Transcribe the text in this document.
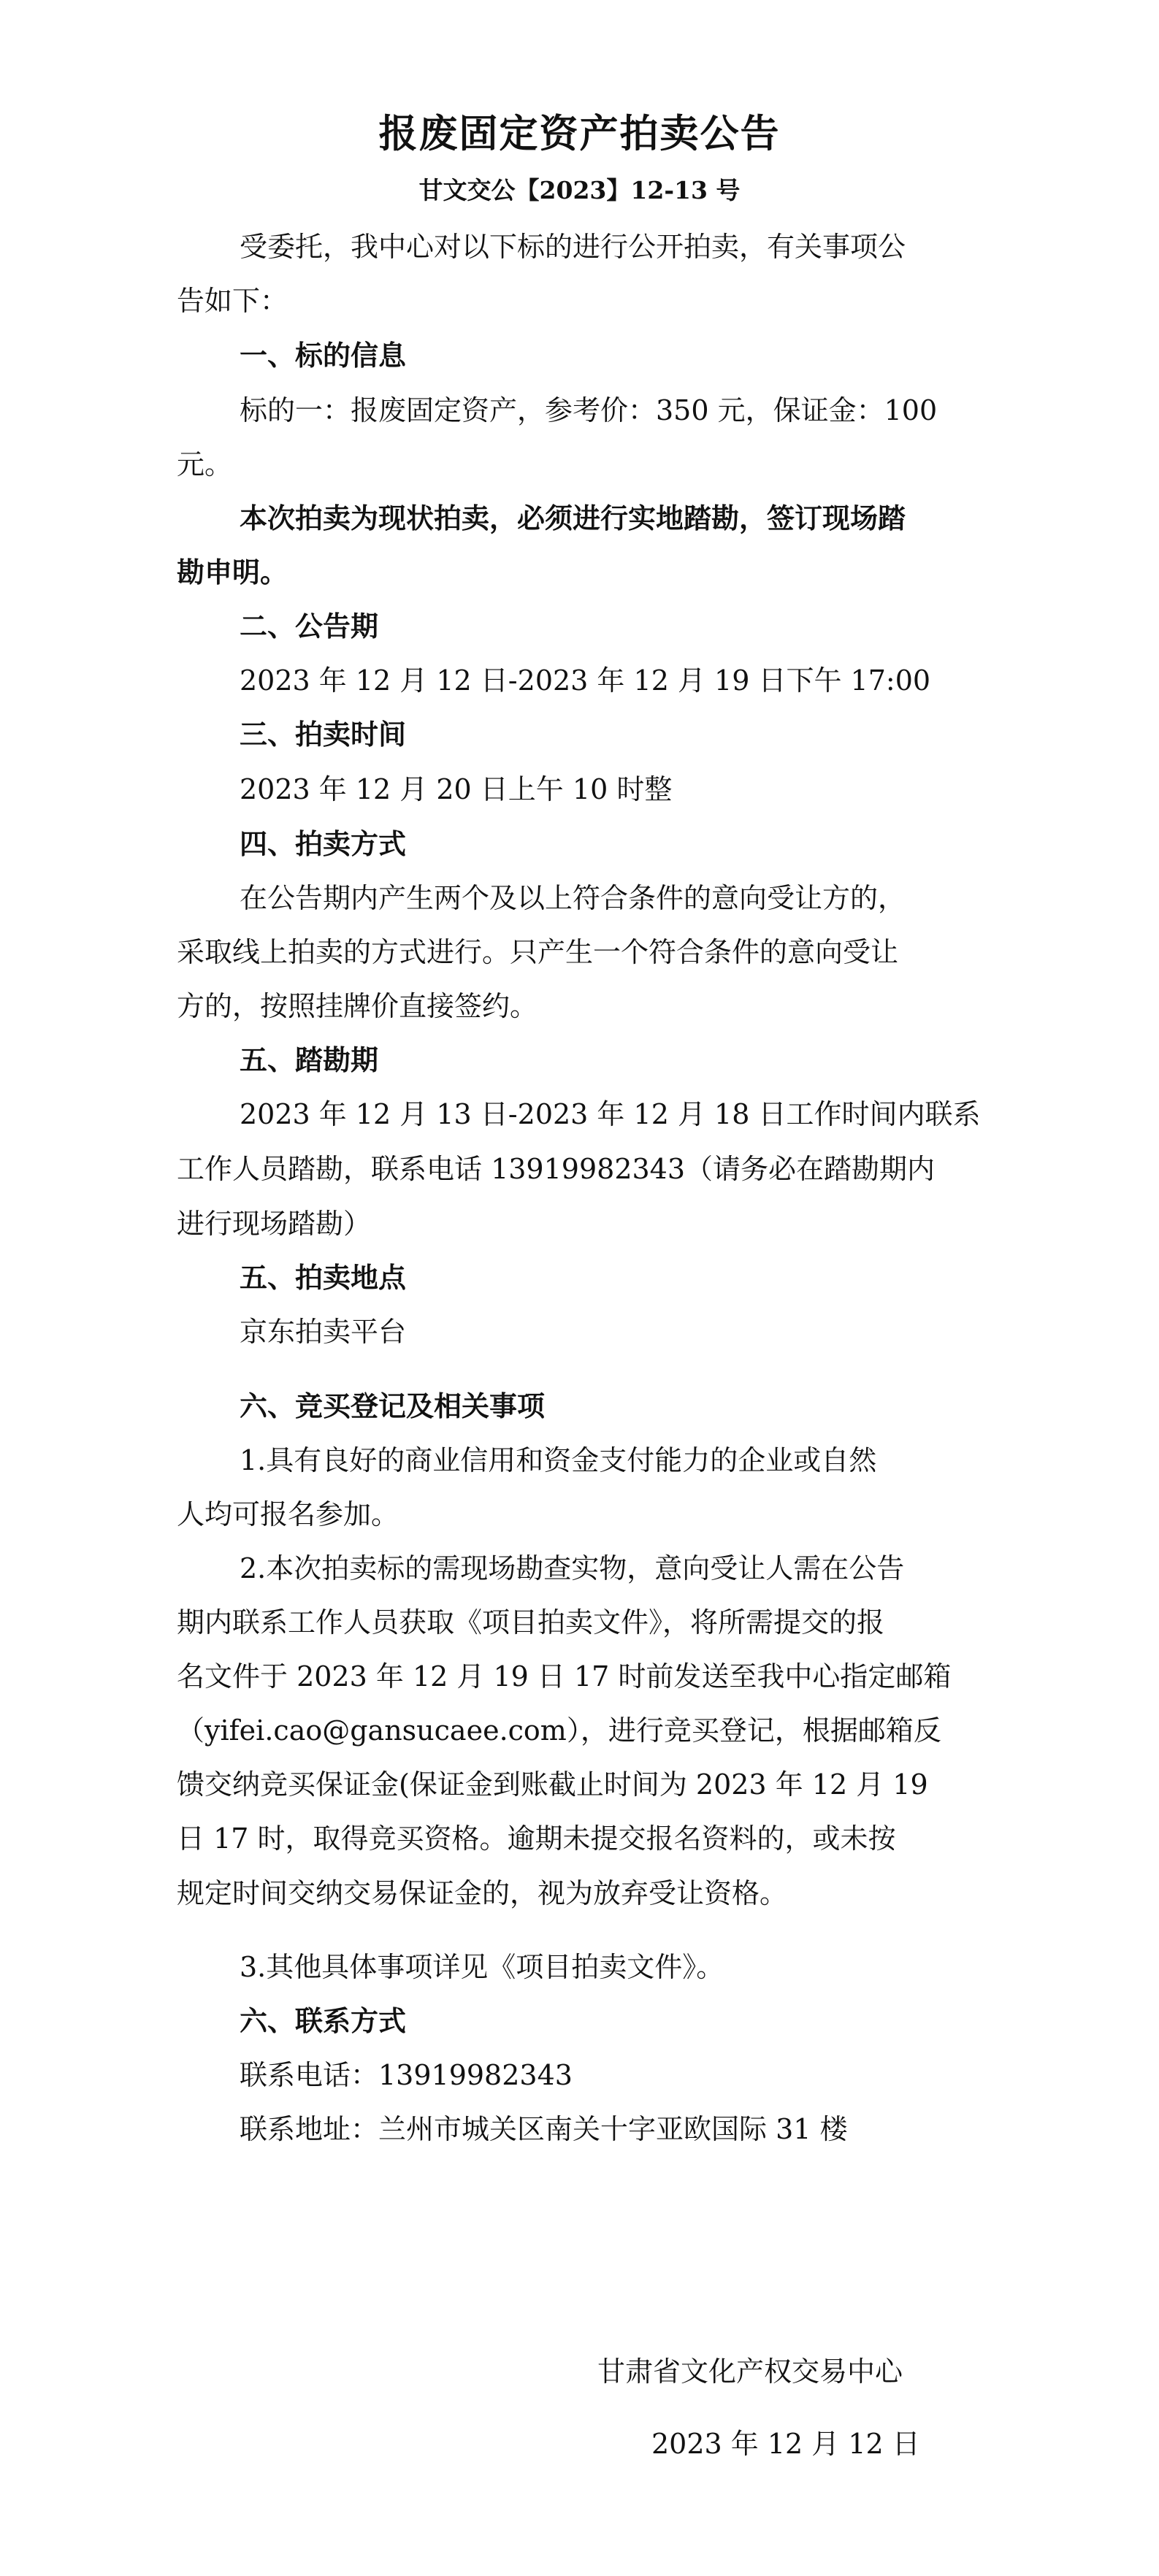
报废固定资产拍卖公告
甘文交公【2023】12-13 号
受委托，我中心对以下标的进行公开拍卖，有关事项公
告如下：
一、标的信息
标的一：报废固定资产，参考价：350 元，保证金：100
元。
本次拍卖为现状拍卖，必须进行实地踏勘，签订现场踏
勘申明。
二、公告期
2023 年 12 月 12 日-2023 年 12 月 19 日下午 17:00
三、拍卖时间
2023 年 12 月 20 日上午 10 时整
四、拍卖方式
在公告期内产生两个及以上符合条件的意向受让方的，
采取线上拍卖的方式进行。只产生一个符合条件的意向受让
方的，按照挂牌价直接签约。
五、踏勘期
2023 年 12 月 13 日-2023 年 12 月 18 日工作时间内联系
工作人员踏勘，联系电话 13919982343（请务必在踏勘期内
进行现场踏勘）
五、拍卖地点
京东拍卖平台
六、竞买登记及相关事项
1.具有良好的商业信用和资金支付能力的企业或自然
人均可报名参加。
2.本次拍卖标的需现场勘查实物，意向受让人需在公告
期内联系工作人员获取《项目拍卖文件》，将所需提交的报
名文件于 2023 年 12 月 19 日 17 时前发送至我中心指定邮箱
（yifei.cao@gansucaee.com），进行竞买登记，根据邮箱反
馈交纳竞买保证金(保证金到账截止时间为 2023 年 12 月 19
日 17 时，取得竞买资格。逾期未提交报名资料的，或未按
规定时间交纳交易保证金的，视为放弃受让资格。
3.其他具体事项详见《项目拍卖文件》。
六、联系方式
联系电话：13919982343
联系地址：兰州市城关区南关十字亚欧国际 31 楼
甘肃省文化产权交易中心
2023 年 12 月 12 日
